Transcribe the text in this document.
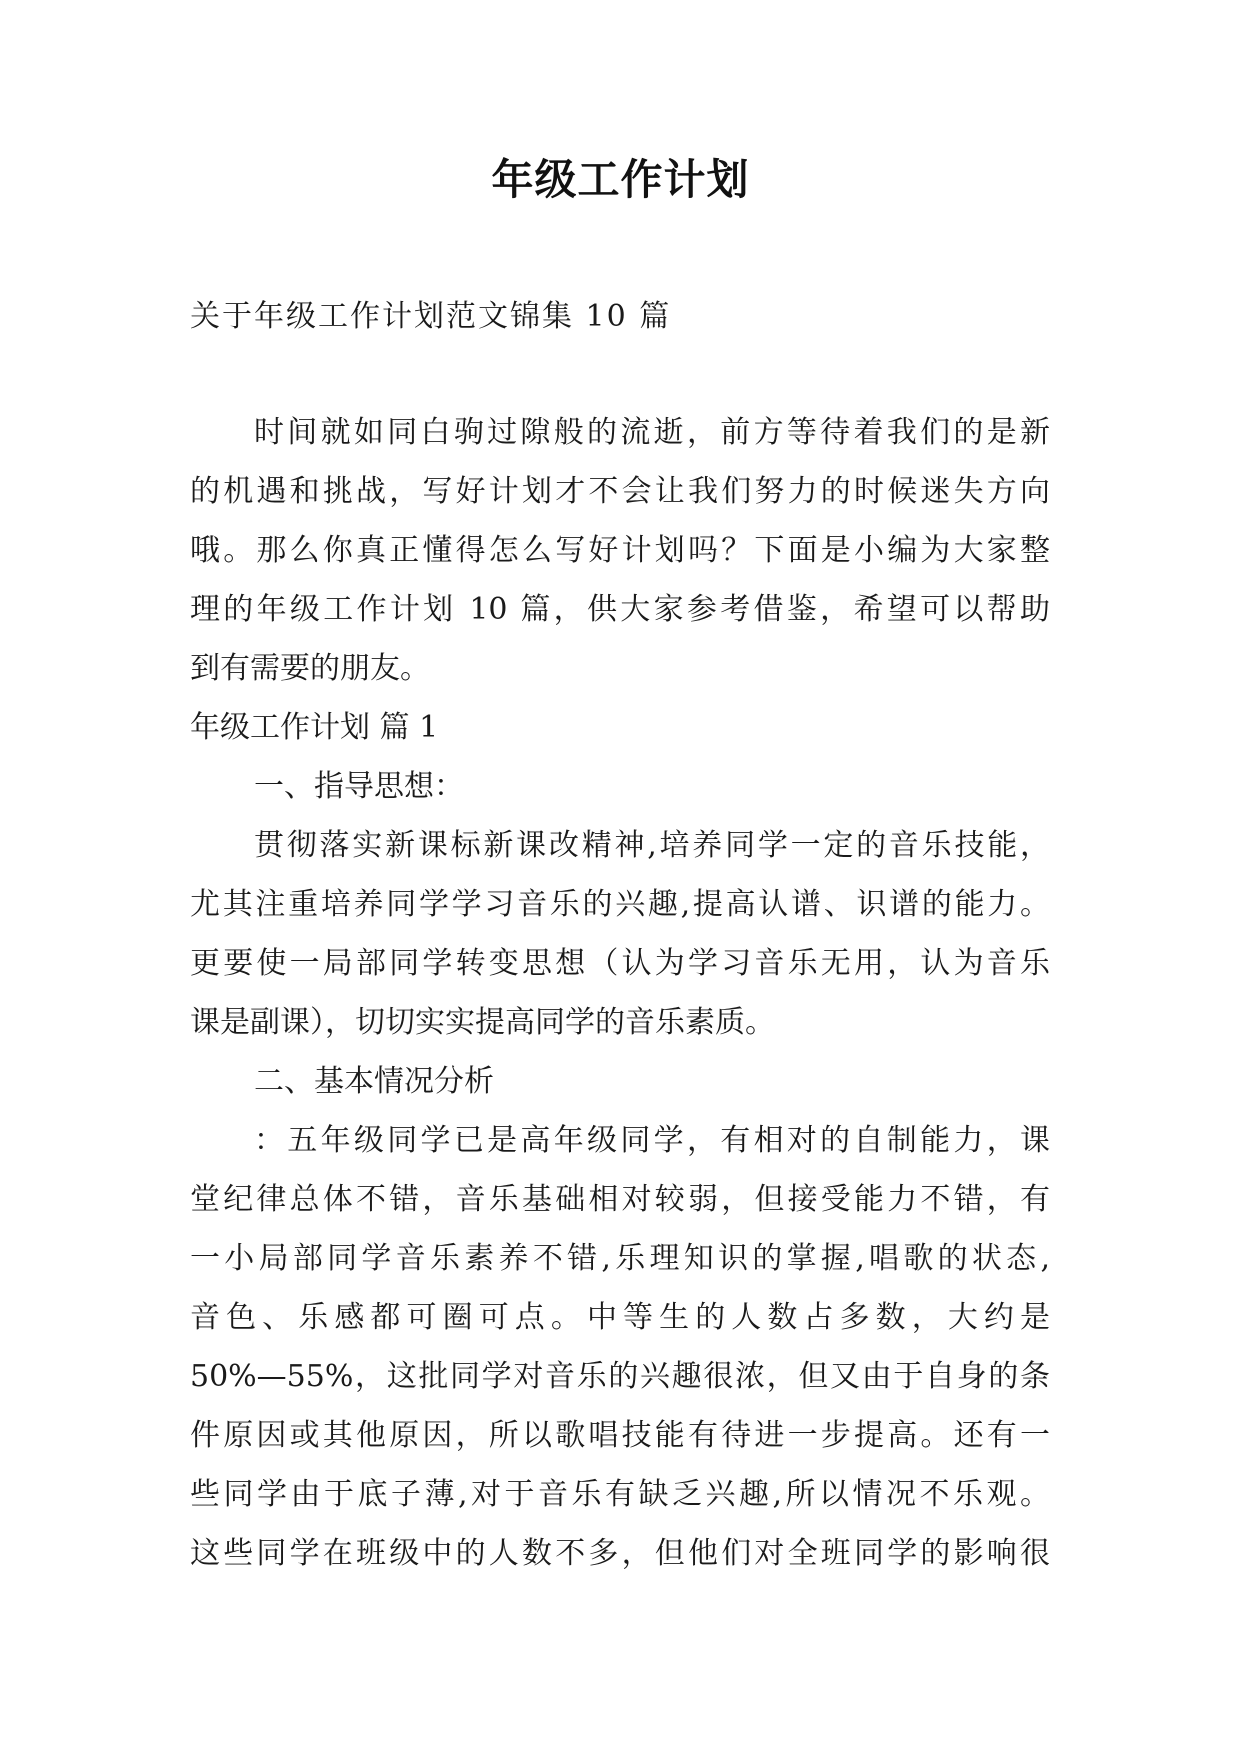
年级工作计划
关于年级工作计划范文锦集 10 篇
时间就如同白驹过隙般的流逝，前方等待着我们的是新
的机遇和挑战，写好计划才不会让我们努力的时候迷失方向
哦。那么你真正懂得怎么写好计划吗？下面是小编为大家整
理的年级工作计划 10 篇，供大家参考借鉴，希望可以帮助
到有需要的朋友。
年级工作计划 篇 1
一、指导思想：
贯彻落实新课标新课改精神,培养同学一定的音乐技能，
尤其注重培养同学学习音乐的兴趣,提高认谱、识谱的能力。
更要使一局部同学转变思想（认为学习音乐无用，认为音乐
课是副课），切切实实提高同学的音乐素质。
二、基本情况分析
：五年级同学已是高年级同学，有相对的自制能力，课
堂纪律总体不错，音乐基础相对较弱，但接受能力不错，有
一小局部同学音乐素养不错,乐理知识的掌握,唱歌的状态,
音色、乐感都可圈可点。中等生的人数占多数，大约是
50%—55%，这批同学对音乐的兴趣很浓，但又由于自身的条
件原因或其他原因，所以歌唱技能有待进一步提高。还有一
些同学由于底子薄,对于音乐有缺乏兴趣,所以情况不乐观。
这些同学在班级中的人数不多，但他们对全班同学的影响很
